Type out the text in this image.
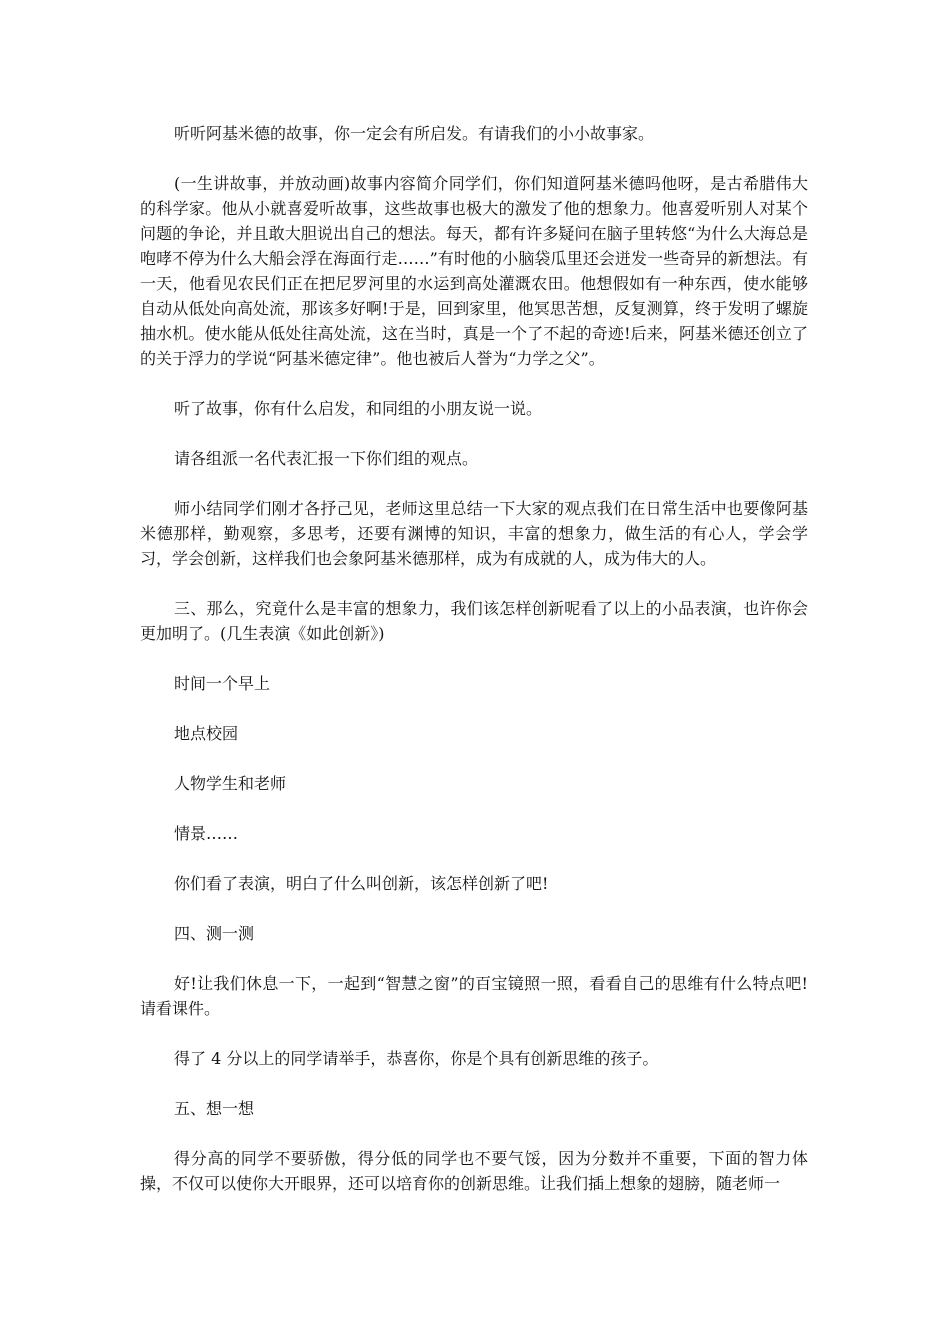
听听阿基米德的故事，你一定会有所启发。有请我们的小小故事家。

(一生讲故事，并放动画)故事内容简介同学们，你们知道阿基米德吗他呀，是古希腊伟大的科学家。他从小就喜爱听故事，这些故事也极大的激发了他的想象力。他喜爱听别人对某个问题的争论，并且敢大胆说出自己的想法。每天，都有许多疑问在脑子里转悠“为什么大海总是咆哮不停为什么大船会浮在海面行走……”有时他的小脑袋瓜里还会迸发一些奇异的新想法。有一天，他看见农民们正在把尼罗河里的水运到高处灌溉农田。他想假如有一种东西，使水能够自动从低处向高处流，那该多好啊!于是，回到家里，他冥思苦想，反复测算，终于发明了螺旋抽水机。使水能从低处往高处流，这在当时，真是一个了不起的奇迹!后来，阿基米德还创立了的关于浮力的学说“阿基米德定律”。他也被后人誉为“力学之父”。

听了故事，你有什么启发，和同组的小朋友说一说。

请各组派一名代表汇报一下你们组的观点。

师小结同学们刚才各抒己见，老师这里总结一下大家的观点我们在日常生活中也要像阿基米德那样，勤观察，多思考，还要有渊博的知识，丰富的想象力，做生活的有心人，学会学习，学会创新，这样我们也会象阿基米德那样，成为有成就的人，成为伟大的人。

三、那么，究竟什么是丰富的想象力，我们该怎样创新呢看了以上的小品表演，也许你会更加明了。(几生表演《如此创新》)

时间一个早上

地点校园

人物学生和老师

情景……

你们看了表演，明白了什么叫创新，该怎样创新了吧!

四、测一测

好!让我们休息一下，一起到“智慧之窗”的百宝镜照一照，看看自己的思维有什么特点吧!请看课件。

得了 4 分以上的同学请举手，恭喜你，你是个具有创新思维的孩子。

五、想一想

得分高的同学不要骄傲，得分低的同学也不要气馁，因为分数并不重要，下面的智力体操，不仅可以使你大开眼界，还可以培育你的创新思维。让我们插上想象的翅膀，随老师一
